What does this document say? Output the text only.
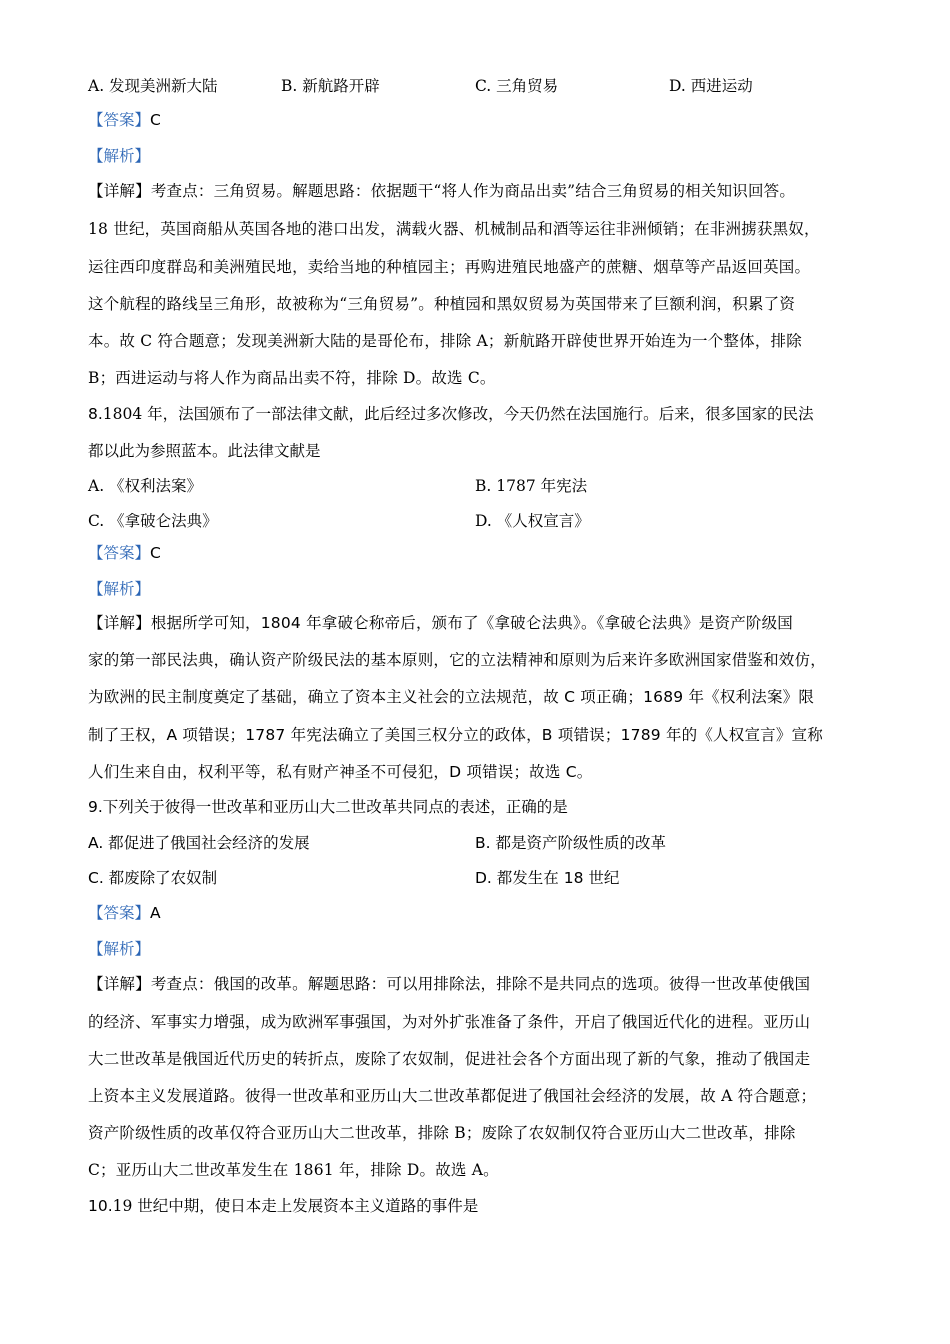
A. 发现美洲新大陆	B. 新航路开辟	C. 三角贸易	D. 西进运动
【答案】C
【解析】
【详解】考查点：三角贸易。解题思路：依据题干“将人作为商品出卖”结合三角贸易的相关知识回答。
18 世纪，英国商船从英国各地的港口出发，满载火器、机械制品和酒等运往非洲倾销；在非洲掳获黑奴，
运往西印度群岛和美洲殖民地，卖给当地的种植园主；再购进殖民地盛产的蔗糖、烟草等产品返回英国。
这个航程的路线呈三角形，故被称为“三角贸易”。种植园和黑奴贸易为英国带来了巨额利润，积累了资
本。故 C 符合题意；发现美洲新大陆的是哥伦布，排除 A；新航路开辟使世界开始连为一个整体，排除
B；西进运动与将人作为商品出卖不符，排除 D。故选 C。
8.1804 年，法国颁布了一部法律文献，此后经过多次修改，今天仍然在法国施行。后来，很多国家的民法
都以此为参照蓝本。此法律文献是
A. 《权利法案》	B. 1787 年宪法
C. 《拿破仑法典》	D. 《人权宣言》
【答案】C
【解析】
【详解】根据所学可知，1804 年拿破仑称帝后，颁布了《拿破仑法典》。《拿破仑法典》是资产阶级国
家的第一部民法典，确认资产阶级民法的基本原则，它的立法精神和原则为后来许多欧洲国家借鉴和效仿，
为欧洲的民主制度奠定了基础，确立了资本主义社会的立法规范，故 C 项正确；1689 年《权利法案》限
制了王权，A 项错误；1787 年宪法确立了美国三权分立的政体，B 项错误；1789 年的《人权宣言》宣称
人们生来自由，权利平等，私有财产神圣不可侵犯，D 项错误；故选 C。
9.下列关于彼得一世改革和亚历山大二世改革共同点的表述，正确的是
A. 都促进了俄国社会经济的发展	B. 都是资产阶级性质的改革
C. 都废除了农奴制	D. 都发生在 18 世纪
【答案】A
【解析】
【详解】考查点：俄国的改革。解题思路：可以用排除法，排除不是共同点的选项。彼得一世改革使俄国
的经济、军事实力增强，成为欧洲军事强国，为对外扩张准备了条件，开启了俄国近代化的进程。亚历山
大二世改革是俄国近代历史的转折点，废除了农奴制，促进社会各个方面出现了新的气象，推动了俄国走
上资本主义发展道路。彼得一世改革和亚历山大二世改革都促进了俄国社会经济的发展，故 A 符合题意；
资产阶级性质的改革仅符合亚历山大二世改革，排除 B；废除了农奴制仅符合亚历山大二世改革，排除
C；亚历山大二世改革发生在 1861 年，排除 D。故选 A。
10.19 世纪中期，使日本走上发展资本主义道路的事件是
